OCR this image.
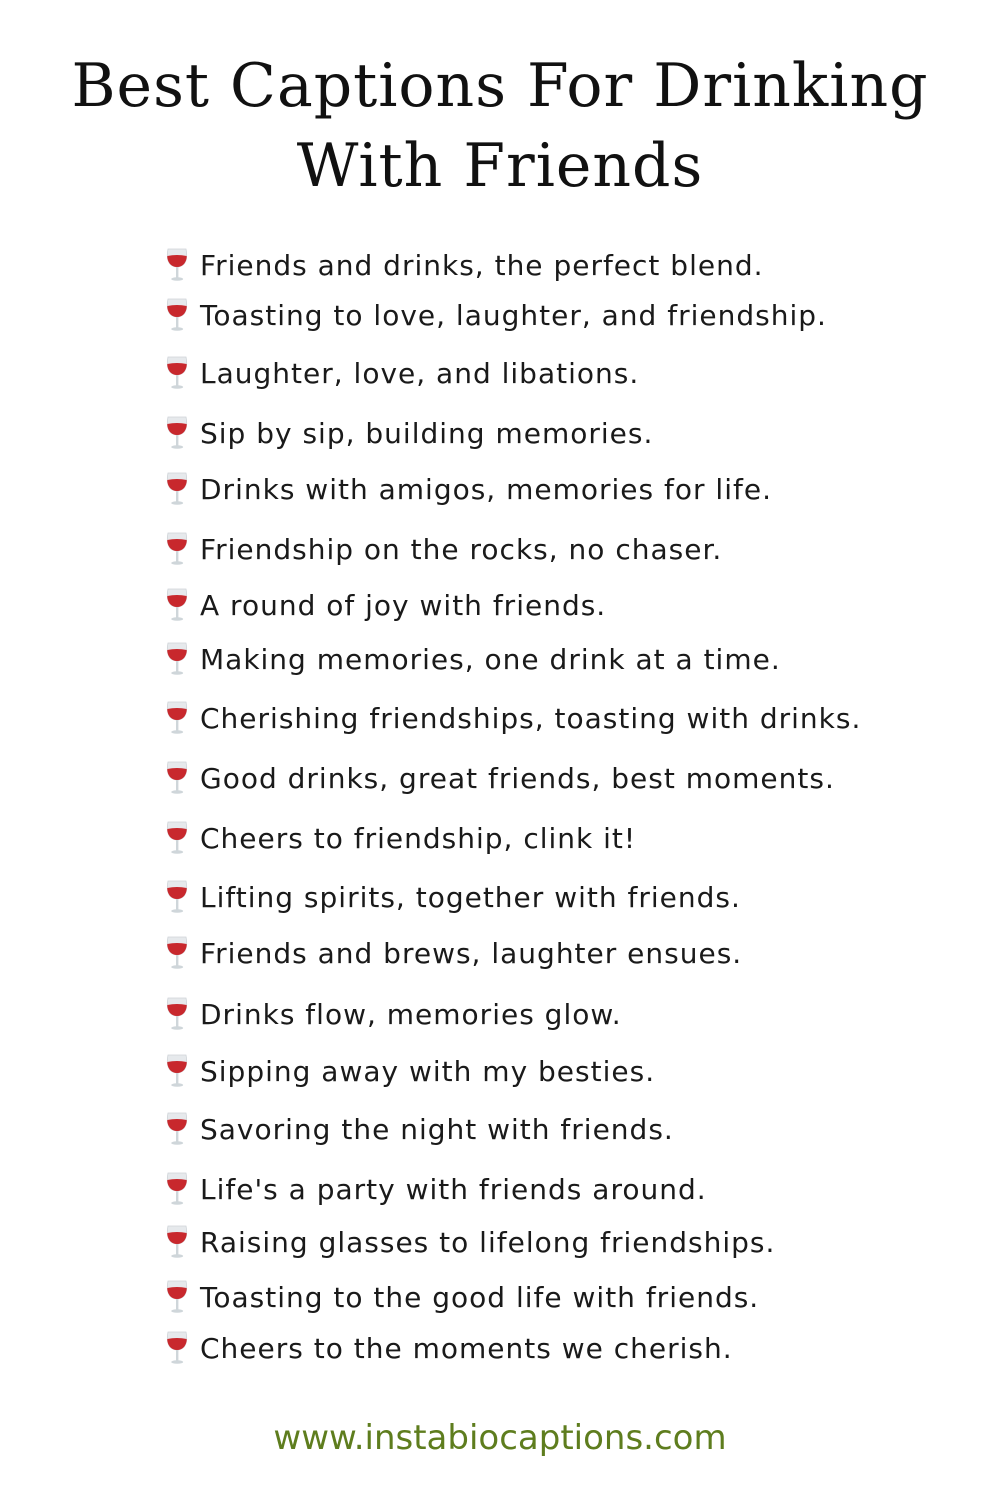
Best Captions For Drinking
With Friends
Friends and drinks, the perfect blend.
Toasting to love, laughter, and friendship.
Laughter, love, and libations.
Sip by sip, building memories.
Drinks with amigos, memories for life.
Friendship on the rocks, no chaser.
A round of joy with friends.
Making memories, one drink at a time.
Cherishing friendships, toasting with drinks.
Good drinks, great friends, best moments.
Cheers to friendship, clink it!
Lifting spirits, together with friends.
Friends and brews, laughter ensues.
Drinks flow, memories glow.
Sipping away with my besties.
Savoring the night with friends.
Life's a party with friends around.
Raising glasses to lifelong friendships.
Toasting to the good life with friends.
Cheers to the moments we cherish.
www.instabiocaptions.com
